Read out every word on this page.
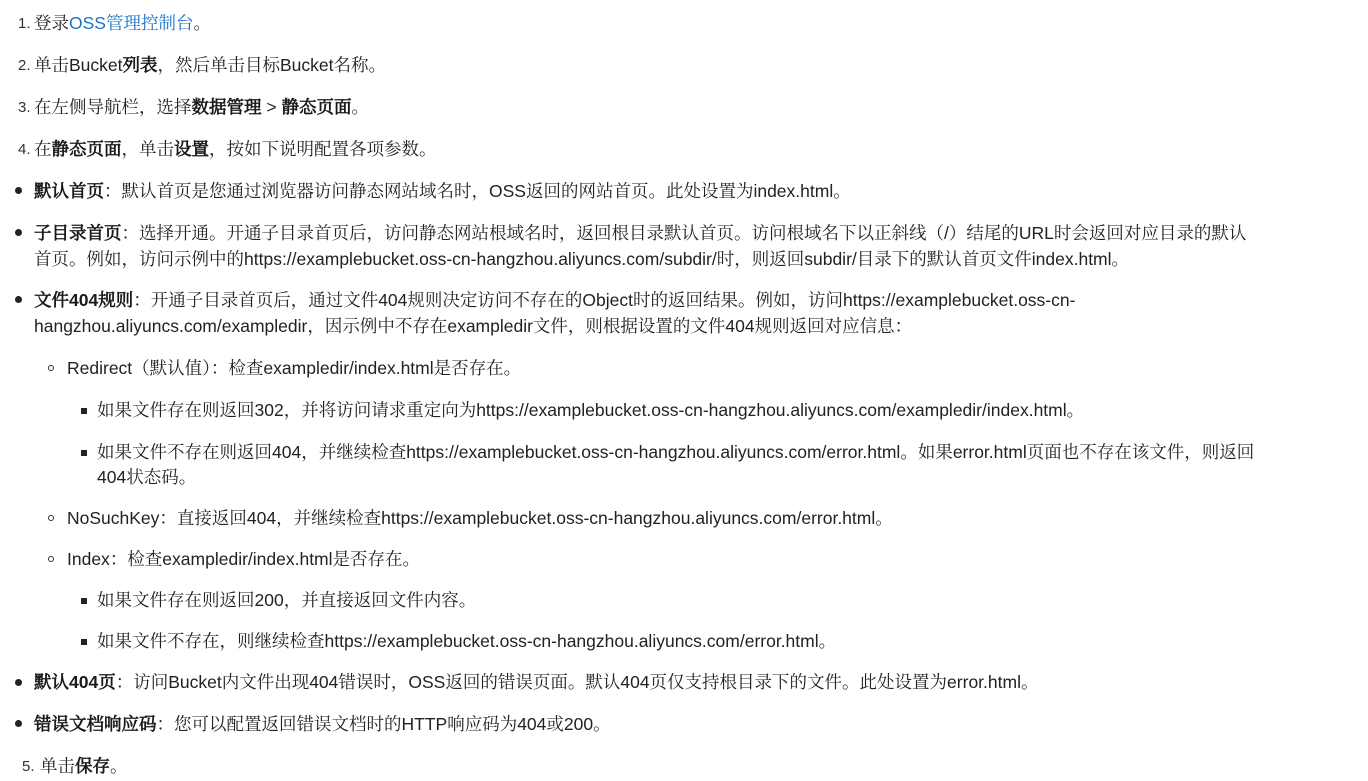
1. 登录OSS管理控制台。
2. 单击Bucket列表，然后单击目标Bucket名称。
3. 在左侧导航栏，选择数据管理 > 静态页面。
4. 在静态页面，单击设置，按如下说明配置各项参数。
默认首页：默认首页是您通过浏览器访问静态网站域名时，OSS返回的网站首页。此处设置为index.html。
子目录首页：选择开通。开通子目录首页后，访问静态网站根域名时，返回根目录默认首页。访问根域名下以正斜线（/）结尾的URL时会返回对应目录的默认
首页。例如，访问示例中的https://examplebucket.oss-cn-hangzhou.aliyuncs.com/subdir/时，则返回subdir/目录下的默认首页文件index.html。
文件404规则：开通子目录首页后，通过文件404规则决定访问不存在的Object时的返回结果。例如，访问https://examplebucket.oss-cn-
hangzhou.aliyuncs.com/exampledir，因示例中不存在exampledir文件，则根据设置的文件404规则返回对应信息：
Redirect（默认值）：检查exampledir/index.html是否存在。
如果文件存在则返回302，并将访问请求重定向为https://examplebucket.oss-cn-hangzhou.aliyuncs.com/exampledir/index.html。
如果文件不存在则返回404，并继续检查https://examplebucket.oss-cn-hangzhou.aliyuncs.com/error.html。如果error.html页面也不存在该文件，则返回
404状态码。
NoSuchKey：直接返回404，并继续检查https://examplebucket.oss-cn-hangzhou.aliyuncs.com/error.html。
Index：检查exampledir/index.html是否存在。
如果文件存在则返回200，并直接返回文件内容。
如果文件不存在，则继续检查https://examplebucket.oss-cn-hangzhou.aliyuncs.com/error.html。
默认404页：访问Bucket内文件出现404错误时，OSS返回的错误页面。默认404页仅支持根目录下的文件。此处设置为error.html。
错误文档响应码：您可以配置返回错误文档时的HTTP响应码为404或200。
5. 单击保存。
